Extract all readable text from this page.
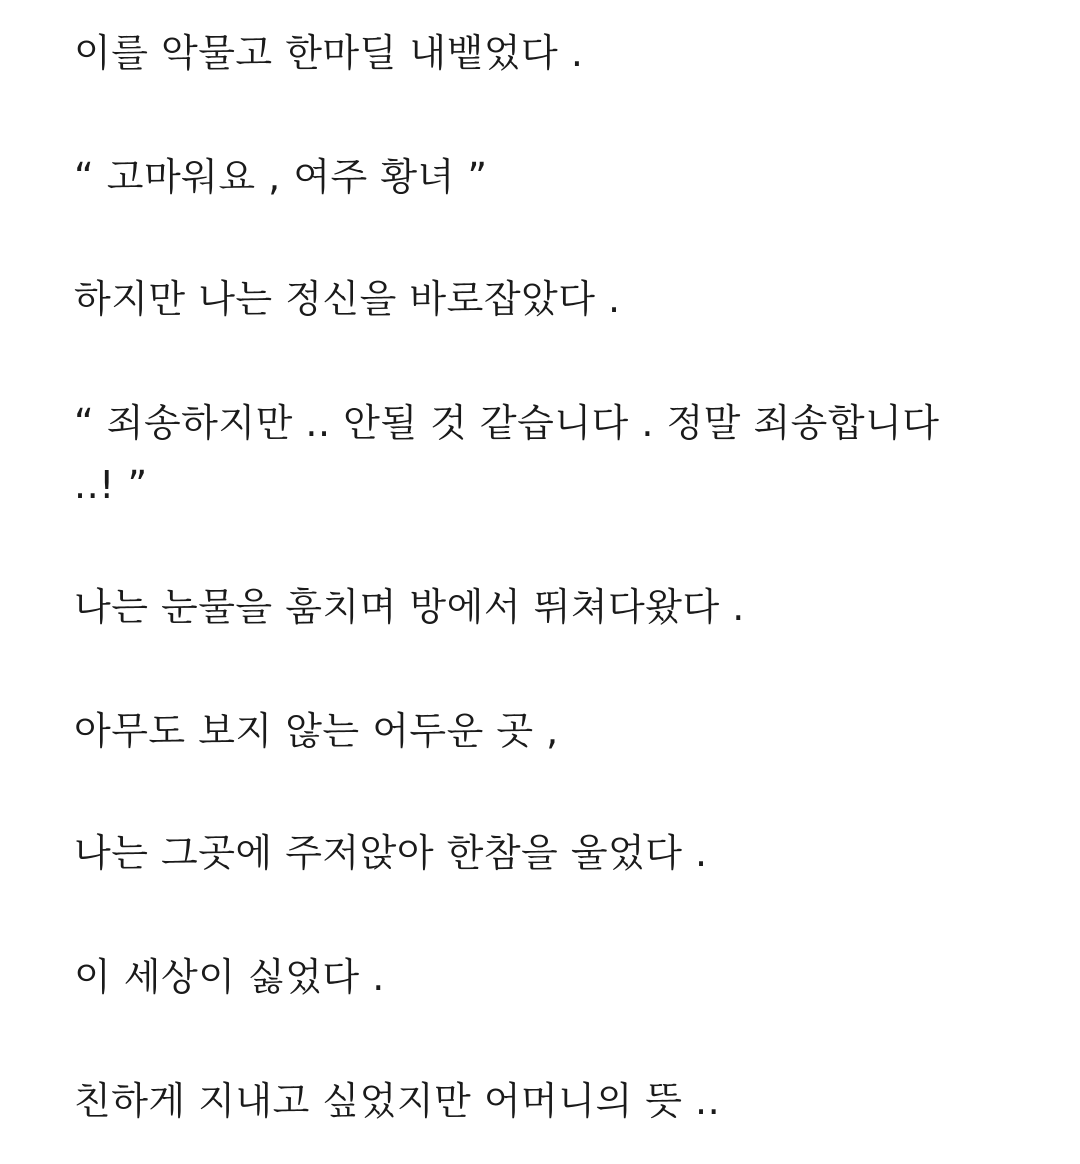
이를 악물고 한마딜 내뱉었다 .

“ 고마워요 , 여주 황녀 ”

하지만 나는 정신을 바로잡았다 .

“ 죄송하지만 .. 안될 것 같습니다 . 정말 죄송합니다 ..! ”

나는 눈물을 훔치며 방에서 뛰쳐다왔다 .

아무도 보지 않는 어두운 곳 ,

나는 그곳에 주저앉아 한참을 울었다 .

이 세상이 싫었다 .

친하게 지내고 싶었지만 어머니의 뜻 ..
